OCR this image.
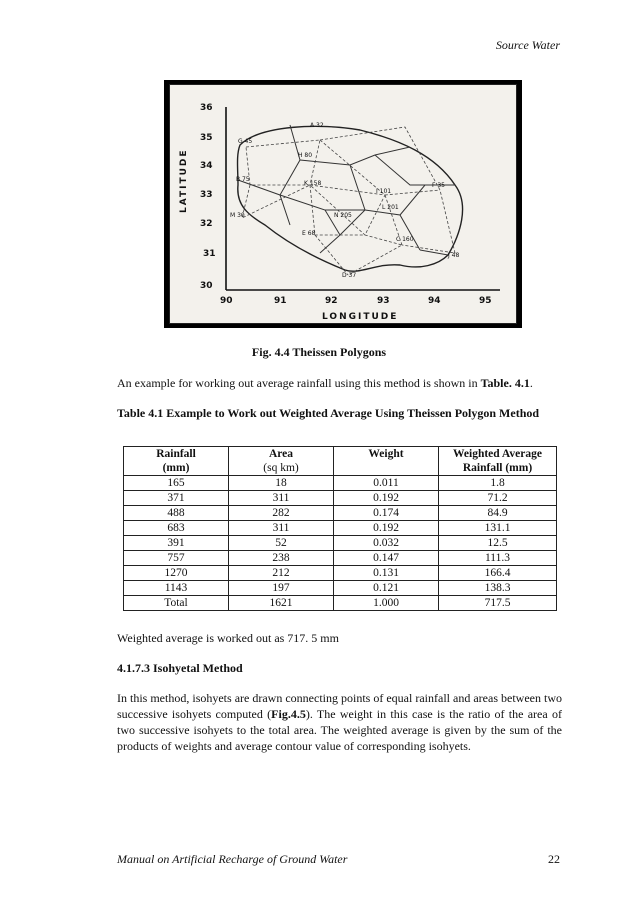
Source Water
36
35
34
33
32
31
30
90	91	92	93	94	95
LONGITUDE
LATITUDE
A 32
G 45
H 80
K 158
B 75
M 30
I 101
F 35
L 201
N 205
E 68
C 160
J 48
D 37
Fig. 4.4 Theissen Polygons
An example for working out average rainfall using this method is shown in Table. 4.1.
Table 4.1 Example to Work out Weighted Average Using Theissen Polygon Method
Rainfall	Area	Weight	Weighted Average
(mm)	(sq km)		Rainfall (mm)
165	18	0.011	1.8
371	311	0.192	71.2
488	282	0.174	84.9
683	311	0.192	131.1
391	52	0.032	12.5
757	238	0.147	111.3
1270	212	0.131	166.4
1143	197	0.121	138.3
Total	1621	1.000	717.5
Weighted average is worked out as 717. 5 mm
4.1.7.3 Isohyetal Method
In this method, isohyets are drawn connecting points of equal rainfall and areas between two successive isohyets computed (Fig.4.5). The weight in this case is the ratio of the area of two successive isohyets to the total area. The weighted average is given by the sum of the products of weights and average contour value of corresponding isohyets.
Manual on Artificial Recharge of Ground Water	22
